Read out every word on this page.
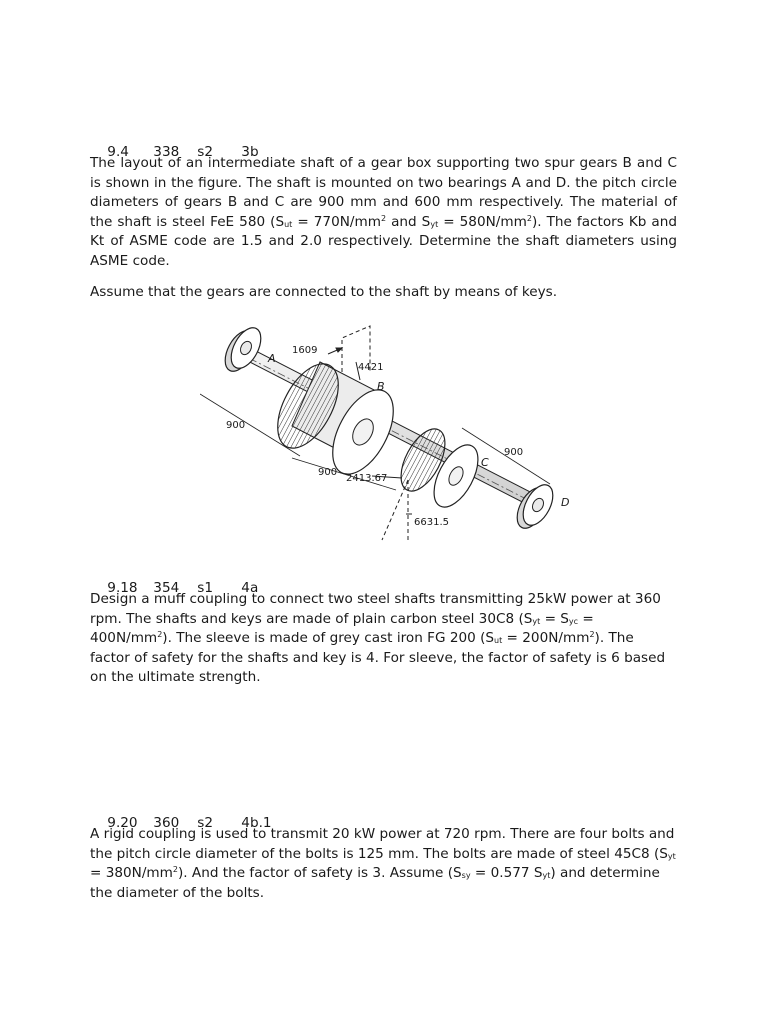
9.4 338 s2 3b

The layout of an intermediate shaft of a gear box supporting two spur gears B and C is shown in the figure. The shaft is mounted on two bearings A and D. the pitch circle diameters of gears B and C are 900 mm and 600 mm respectively. The material of the shaft is steel FeE 580 ($S_{ut} = 770N/mm^2$ and $S_{yt} = 580N/mm^2$). The factors Kb and Kt of ASME code are 1.5 and 2.0 respectively. Determine the shaft diameters using ASME code.

Assume that the gears are connected to the shaft by means of keys.

A
B
C
D
1609
4421
2413.67
6631.5
900
900
900

9.18 354 s1 4a

Design a muff coupling to connect two steel shafts transmitting 25kW power at 360 rpm. The shafts and keys are made of plain carbon steel 30C8 $(S_{yt} = S_{yc} = 400N/mm^2)$. The sleeve is made of grey cast iron FG 200 $(S_{ut} = 200N/mm^2)$. The factor of safety for the shafts and key is 4. For sleeve, the factor of safety is 6 based on the ultimate strength.

9.20 360 s2 4b.1

A rigid coupling is used to transmit 20 kW power at 720 rpm. There are four bolts and the pitch circle diameter of the bolts is 125 mm. The bolts are made of steel 45C8 $(S_{yt} = 380N/mm^2)$. And the factor of safety is 3. Assume ($S_{sy} = 0.577$ $S_{yt}$) and determine the diameter of the bolts.
